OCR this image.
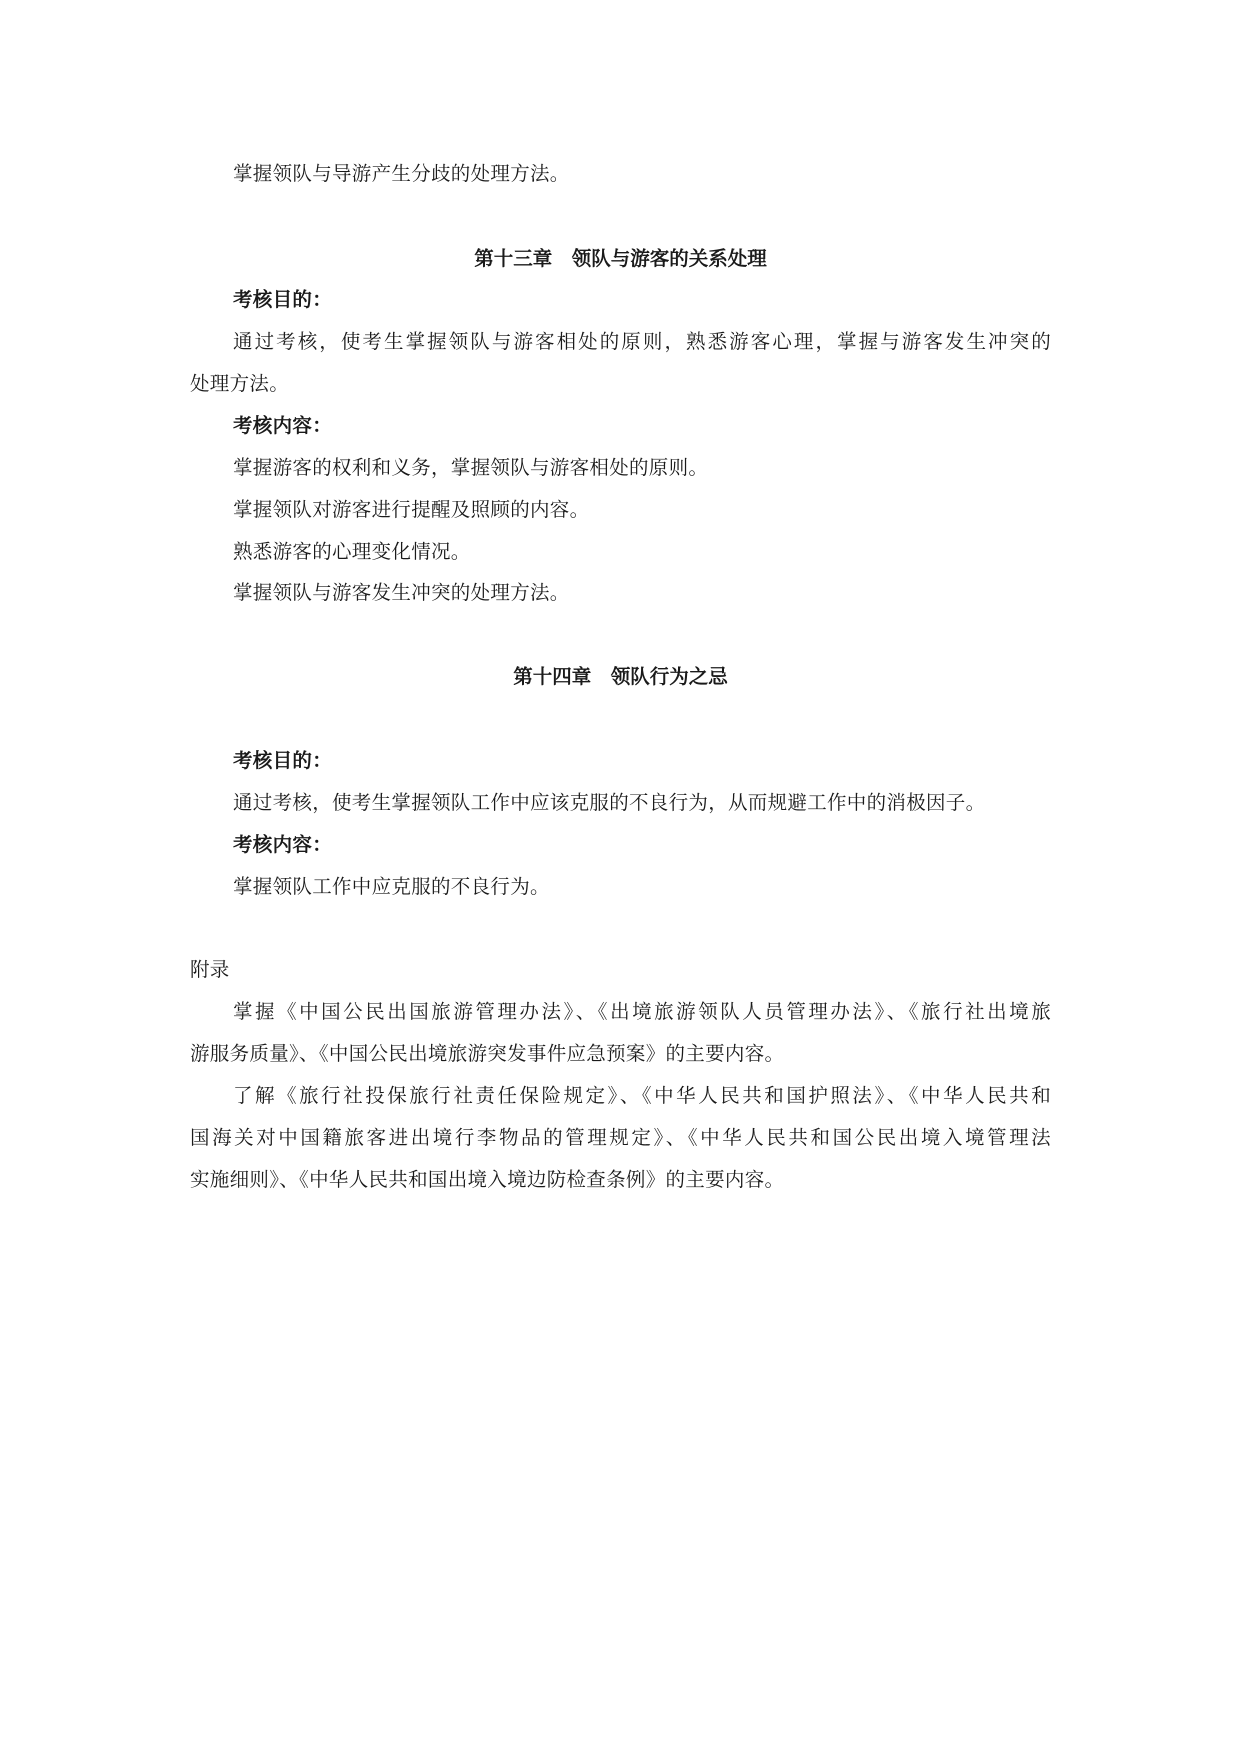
掌握领队与导游产生分歧的处理方法。
第十三章　领队与游客的关系处理
考核目的：
通过考核，使考生掌握领队与游客相处的原则，熟悉游客心理，掌握与游客发生冲突的
处理方法。
考核内容：
掌握游客的权利和义务，掌握领队与游客相处的原则。
掌握领队对游客进行提醒及照顾的内容。
熟悉游客的心理变化情况。
掌握领队与游客发生冲突的处理方法。
第十四章　领队行为之忌
考核目的：
通过考核，使考生掌握领队工作中应该克服的不良行为，从而规避工作中的消极因子。
考核内容：
掌握领队工作中应克服的不良行为。
附录
掌握《中国公民出国旅游管理办法》、《出境旅游领队人员管理办法》、《旅行社出境旅
游服务质量》、《中国公民出境旅游突发事件应急预案》的主要内容。
了解《旅行社投保旅行社责任保险规定》、《中华人民共和国护照法》、《中华人民共和
国海关对中国籍旅客进出境行李物品的管理规定》、《中华人民共和国公民出境入境管理法
实施细则》、《中华人民共和国出境入境边防检查条例》的主要内容。
